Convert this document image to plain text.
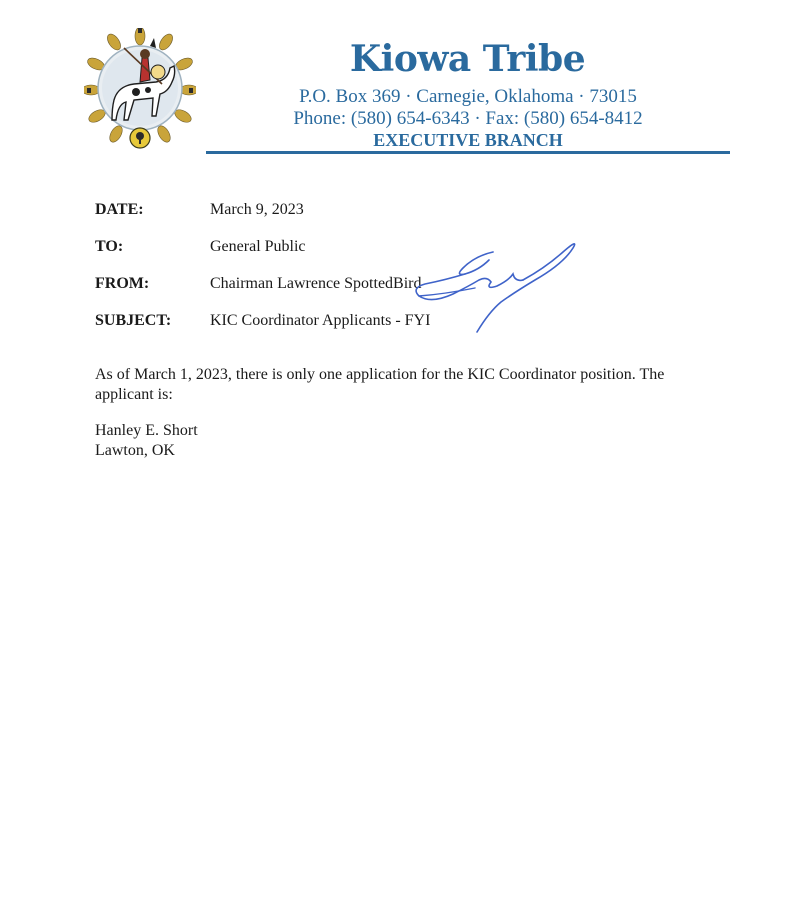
Kiowa Tribe
P.O. Box 369 · Carnegie, Oklahoma · 73015
Phone: (580) 654-6343 · Fax: (580) 654-8412
EXECUTIVE BRANCH
DATE:	March 9, 2023
TO:	General Public
FROM:	Chairman Lawrence SpottedBird
SUBJECT: KIC Coordinator Applicants - FYI
As of March 1, 2023, there is only one application for the KIC Coordinator position. The
applicant is:
Hanley E. Short
Lawton, OK
